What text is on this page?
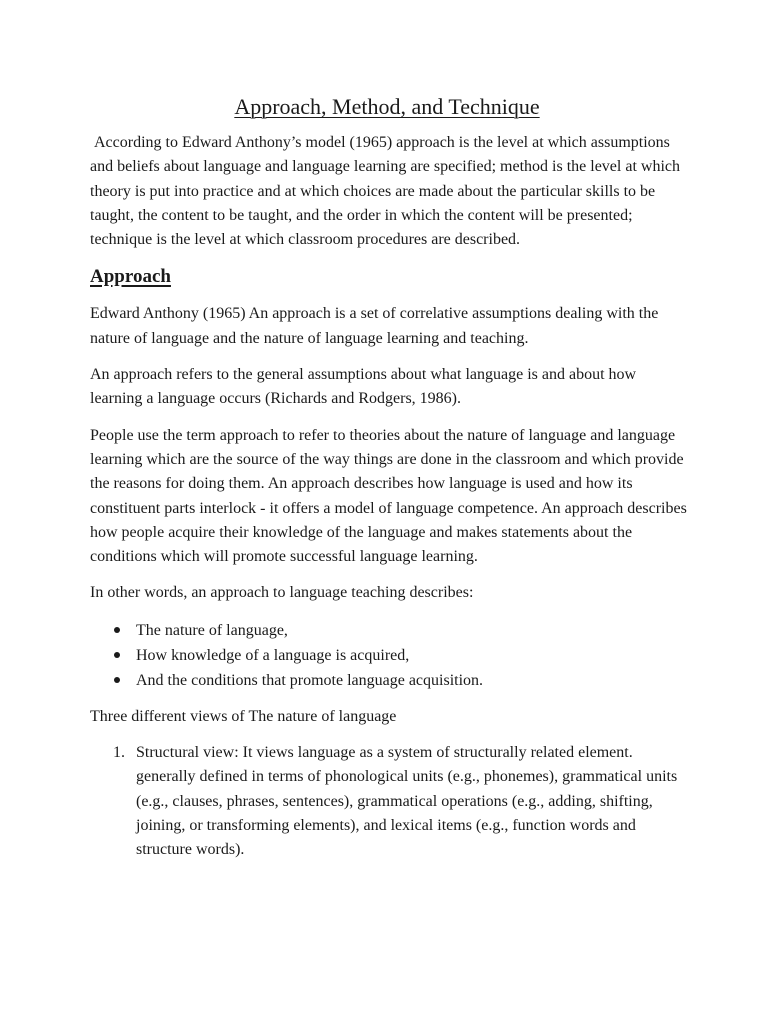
Approach, Method, and Technique

According to Edward Anthony’s model (1965) approach is the level at which assumptions and beliefs about language and language learning are specified; method is the level at which theory is put into practice and at which choices are made about the particular skills to be taught, the content to be taught, and the order in which the content will be presented; technique is the level at which classroom procedures are described.

Approach

Edward Anthony (1965) An approach is a set of correlative assumptions dealing with the nature of language and the nature of language learning and teaching.

An approach refers to the general assumptions about what language is and about how learning a language occurs (Richards and Rodgers, 1986).

People use the term approach to refer to theories about the nature of language and language learning which are the source of the way things are done in the classroom and which provide the reasons for doing them. An approach describes how language is used and how its constituent parts interlock - it offers a model of language competence. An approach describes how people acquire their knowledge of the language and makes statements about the conditions which will promote successful language learning.

In other words, an approach to language teaching describes:

The nature of language,
How knowledge of a language is acquired,
And the conditions that promote language acquisition.

Three different views of The nature of language

1. Structural view: It views language as a system of structurally related element. generally defined in terms of phonological units (e.g., phonemes), grammatical units (e.g., clauses, phrases, sentences), grammatical operations (e.g., adding, shifting, joining, or transforming elements), and lexical items (e.g., function words and structure words).
